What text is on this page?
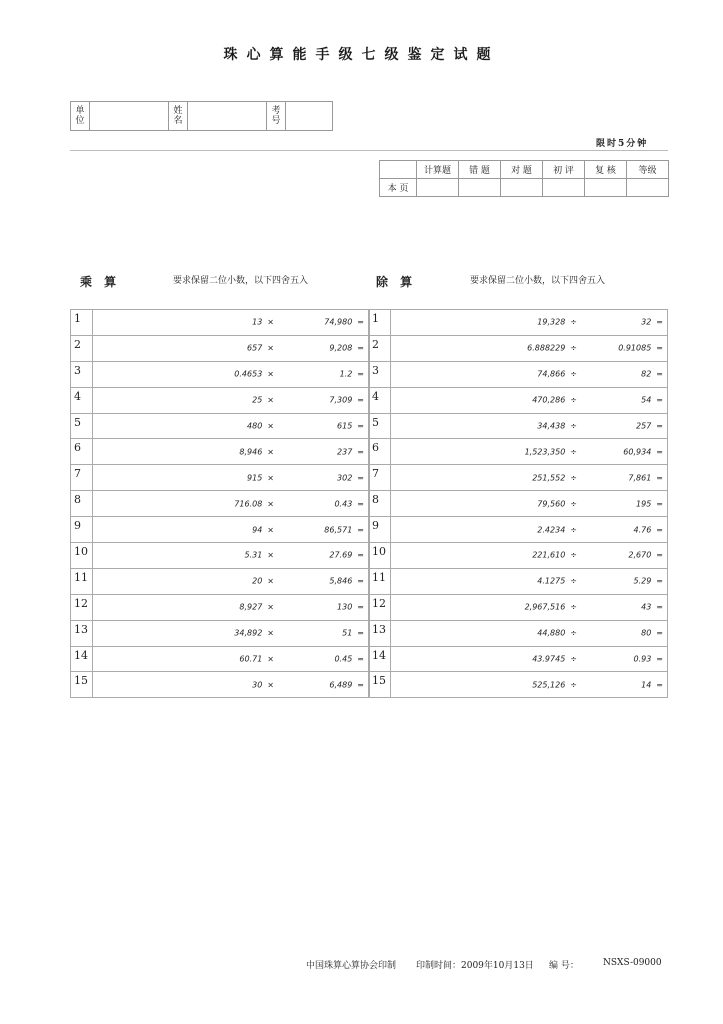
珠心算能手级七级鉴定试题
单
位

姓
名

考
号

限时5分钟
	计算题	错 题	对 题	初 评	复 核	等级
本 页						
乘 算	要求保留二位小数，以下四舍五入	除 算	要求保留二位小数，以下四舍五入
1	13 × 74,980 =

2	657 × 9,208 =

3	0.4653 × 1.2 =

4	25 × 7,309 =

5	480 × 615 =

6	8,946 × 237 =

7	915 × 302 =

8	716.08 × 0.43 =

9	94 × 86,571 =

10	5.31 × 27.69 =

11	20 × 5,846 =

12	8,927 × 130 =

13	34,892 × 51 =

14	60.71 × 0.45 =

15	30 × 6,489 =
1	19,328 ÷ 32 =

2	6.888229 ÷ 0.91085 =

3	74,866 ÷ 82 =

4	470,286 ÷ 54 =

5	34,438 ÷ 257 =

6	1,523,350 ÷ 60,934 =

7	251,552 ÷ 7,861 =

8	79,560 ÷ 195 =

9	2.4234 ÷ 4.76 =

10	221,610 ÷ 2,670 =

11	4.1275 ÷ 5.29 =

12	2,967,516 ÷ 43 =

13	44,880 ÷ 80 =

14	43.9745 ÷ 0.93 =

15	525,126 ÷ 14 =
中国珠算心算协会印制 印制时间：2009年10月13日 编 号：	NSXS-09000
